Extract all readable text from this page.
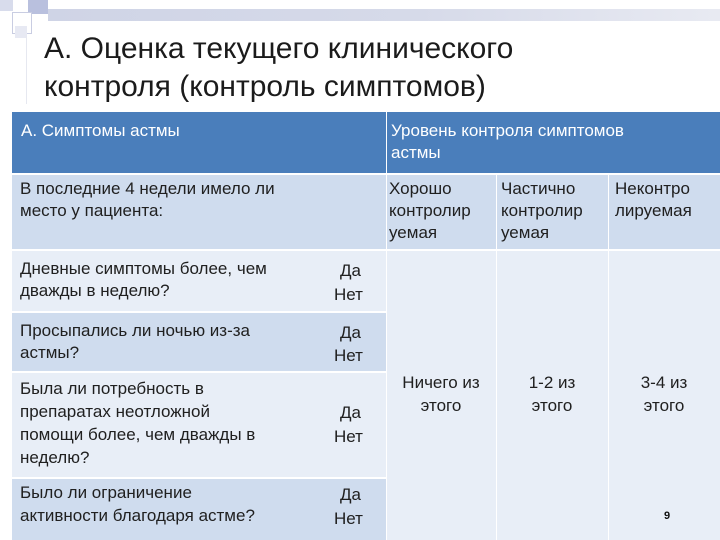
А. Оценка текущего клинического
контроля (контроль симптомов)
А. Симптомы астмы	Уровень контроля симптомов
астмы
В последние 4 недели имело ли
место у пациента:
Хорошо
контролир
уемая
Частично
контролир
уемая
Неконтро
лируемая
Дневные симптомы более, чем
дважды в неделю?
Да
Нет
Просыпались ли ночью из-за
астмы?
Да
Нет
Была ли потребность в
препаратах неотложной
помощи более, чем дважды в
неделю?
Да
Нет
Было ли ограничение
активности благодаря астме?
Да
Нет
Ничего из
этого
1-2 из
этого
3-4 из
этого
9
